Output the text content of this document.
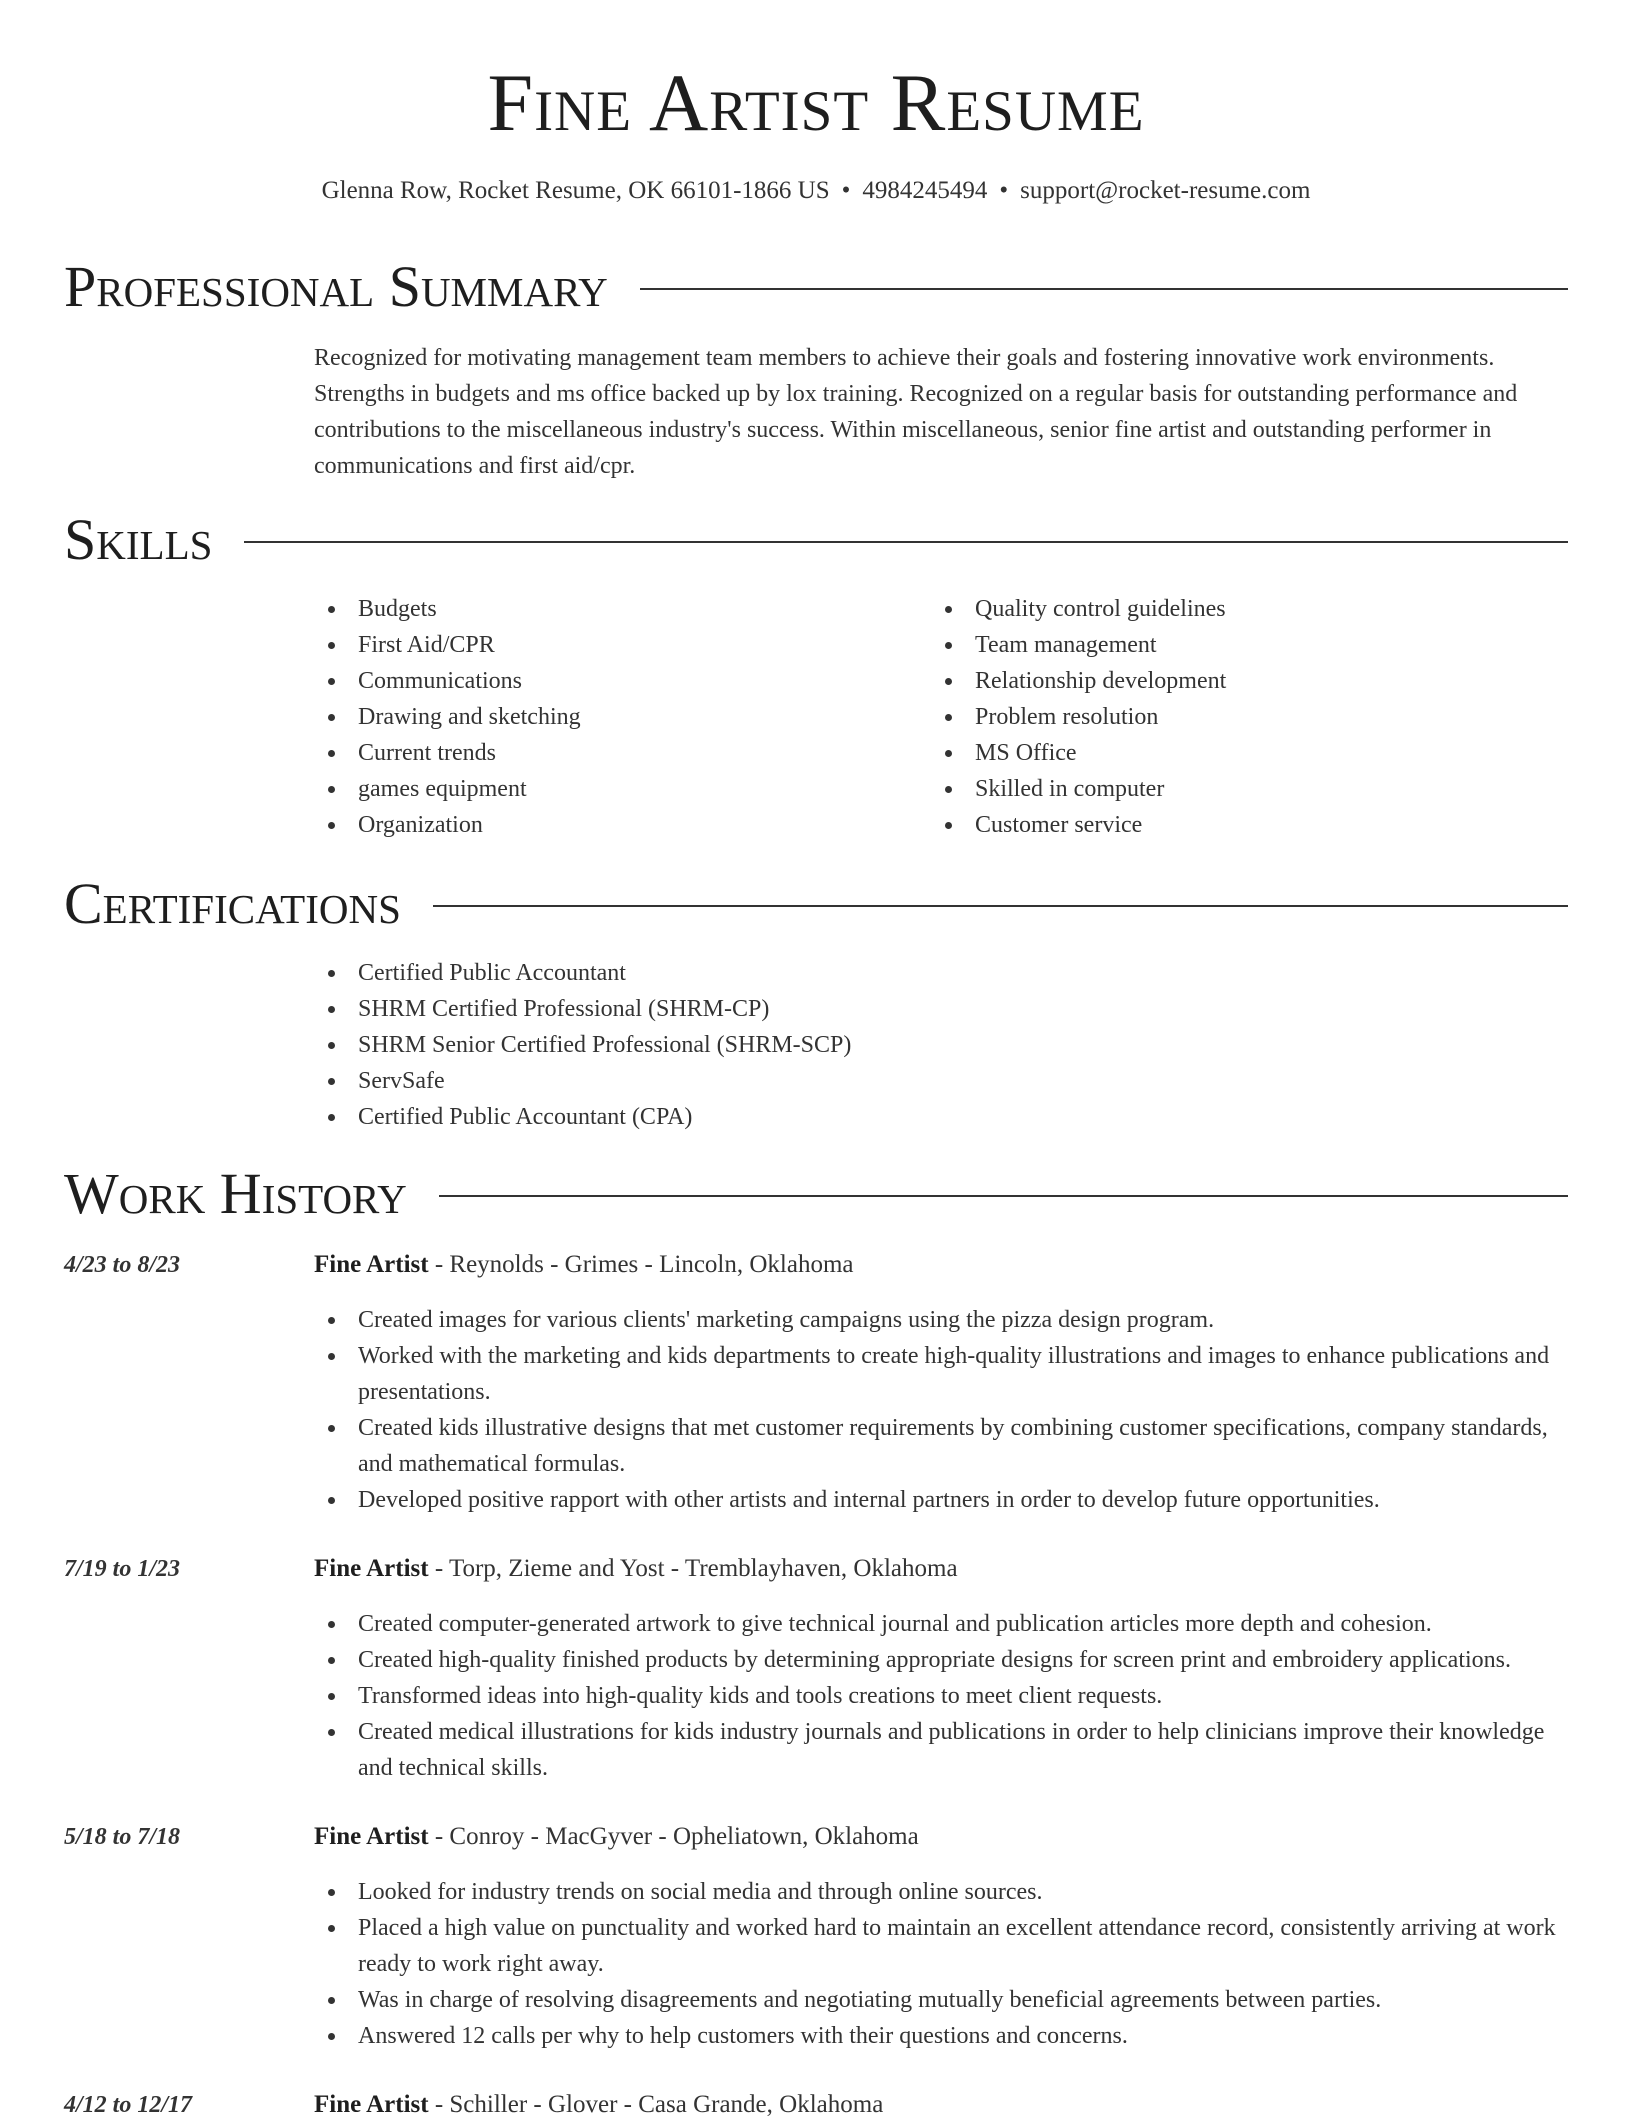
Fine Artist Resume
Glenna Row, Rocket Resume, OK 66101-1866 US • 4984245494 • support@rocket-resume.com
Professional Summary
Recognized for motivating management team members to achieve their goals and fostering innovative work environments. Strengths in budgets and ms office backed up by lox training. Recognized on a regular basis for outstanding performance and contributions to the miscellaneous industry's success. Within miscellaneous, senior fine artist and outstanding performer in communications and first aid/cpr.
Skills
Budgets
First Aid/CPR
Communications
Drawing and sketching
Current trends
games equipment
Organization
Quality control guidelines
Team management
Relationship development
Problem resolution
MS Office
Skilled in computer
Customer service
Certifications
Certified Public Accountant
SHRM Certified Professional (SHRM-CP)
SHRM Senior Certified Professional (SHRM-SCP)
ServSafe
Certified Public Accountant (CPA)
Work History
4/23 to 8/23	Fine Artist - Reynolds - Grimes - Lincoln, Oklahoma
Created images for various clients' marketing campaigns using the pizza design program.
Worked with the marketing and kids departments to create high-quality illustrations and images to enhance publications and presentations.
Created kids illustrative designs that met customer requirements by combining customer specifications, company standards, and mathematical formulas.
Developed positive rapport with other artists and internal partners in order to develop future opportunities.
7/19 to 1/23	Fine Artist - Torp, Zieme and Yost - Tremblayhaven, Oklahoma
Created computer-generated artwork to give technical journal and publication articles more depth and cohesion.
Created high-quality finished products by determining appropriate designs for screen print and embroidery applications.
Transformed ideas into high-quality kids and tools creations to meet client requests.
Created medical illustrations for kids industry journals and publications in order to help clinicians improve their knowledge and technical skills.
5/18 to 7/18	Fine Artist - Conroy - MacGyver - Opheliatown, Oklahoma
Looked for industry trends on social media and through online sources.
Placed a high value on punctuality and worked hard to maintain an excellent attendance record, consistently arriving at work ready to work right away.
Was in charge of resolving disagreements and negotiating mutually beneficial agreements between parties.
Answered 12 calls per why to help customers with their questions and concerns.
4/12 to 12/17	Fine Artist - Schiller - Glover - Casa Grande, Oklahoma
